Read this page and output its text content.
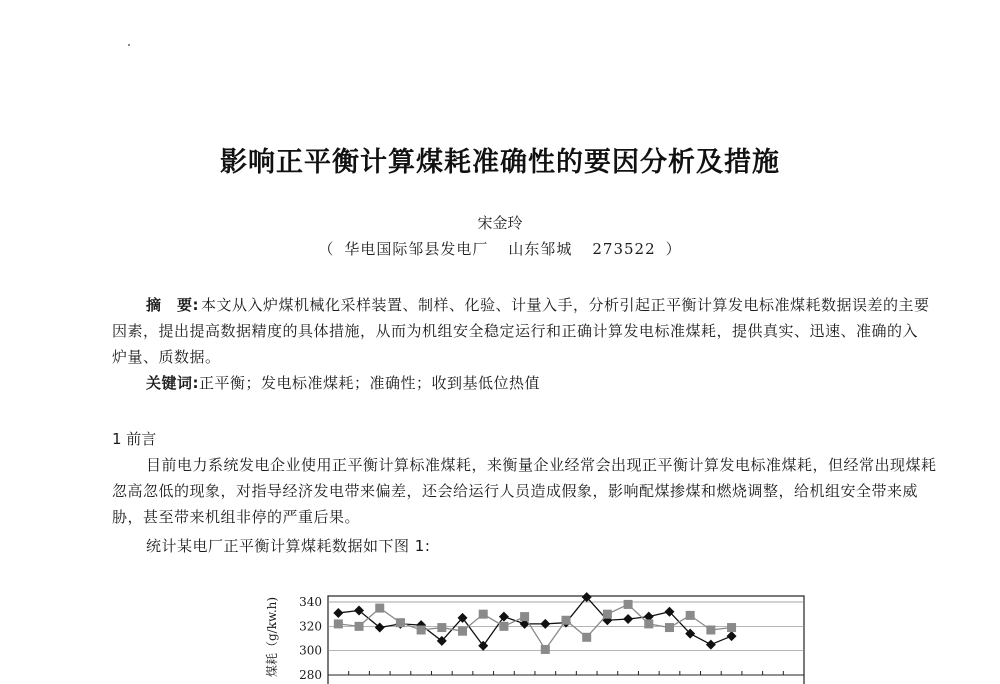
影响正平衡计算煤耗准确性的要因分析及措施
宋金玲
（ 华电国际邹县发电厂 山东邹城 273522 ）

摘　要: 本文从入炉煤机械化采样装置、制样、化验、计量入手，分析引起正平衡计算发电标准煤耗数据误差的主要因素，提出提高数据精度的具体措施，从而为机组安全稳定运行和正确计算发电标准煤耗，提供真实、迅速、准确的入炉量、质数据。

关键词:正平衡；发电标准煤耗；准确性；收到基低位热值

1 前言

目前电力系统发电企业使用正平衡计算标准煤耗，来衡量企业经常会出现正平衡计算发电标准煤耗，但经常出现煤耗忽高忽低的现象，对指导经济发电带来偏差，还会给运行人员造成假象，影响配煤掺煤和燃烧调整，给机组安全带来威胁，甚至带来机组非停的严重后果。

统计某电厂正平衡计算煤耗数据如下图 1:

煤耗（g/kw.h) 340
320
300
280
